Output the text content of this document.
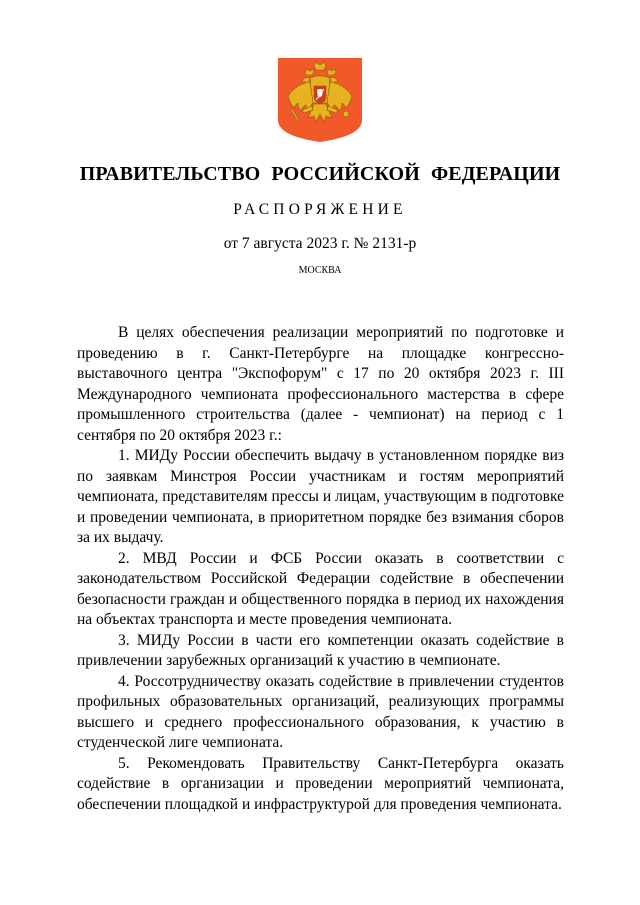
ПРАВИТЕЛЬСТВО РОССИЙСКОЙ ФЕДЕРАЦИИ
РАСПОРЯЖЕНИЕ
от 7 августа 2023 г. № 2131-р
МОСКВА

В целях обеспечения реализации мероприятий по подготовке и проведению в г. Санкт-Петербурге на площадке конгрессно-выставочного центра "Экспофорум" с 17 по 20 октября 2023 г. III Международного чемпионата профессионального мастерства в сфере промышленного строительства (далее - чемпионат) на период с 1 сентября по 20 октября 2023 г.:

1. МИДу России обеспечить выдачу в установленном порядке виз по заявкам Минстроя России участникам и гостям мероприятий чемпионата, представителям прессы и лицам, участвующим в подготовке и проведении чемпионата, в приоритетном порядке без взимания сборов за их выдачу.

2. МВД России и ФСБ России оказать в соответствии с законодательством Российской Федерации содействие в обеспечении безопасности граждан и общественного порядка в период их нахождения на объектах транспорта и месте проведения чемпионата.

3. МИДу России в части его компетенции оказать содействие в привлечении зарубежных организаций к участию в чемпионате.

4. Россотрудничеству оказать содействие в привлечении студентов профильных образовательных организаций, реализующих программы высшего и среднего профессионального образования, к участию в студенческой лиге чемпионата.

5. Рекомендовать Правительству Санкт-Петербурга оказать содействие в организации и проведении мероприятий чемпионата, обеспечении площадкой и инфраструктурой для проведения чемпионата.
